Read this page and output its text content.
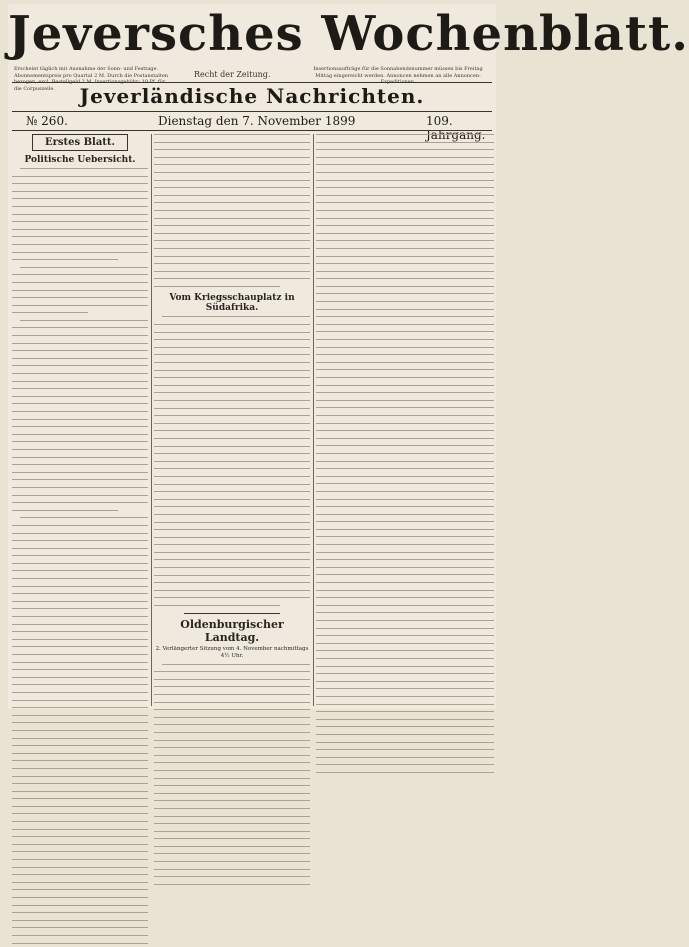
Jeversches Wochenblatt.
Erscheint täglich mit Ausnahme der Sonn- und Festtage. Abonnementspreis pro Quartal 2 M. Durch die Postanstalten bezogen, excl. Bestellgeld 2 M. Insertionsgebühr: 10 Pf. für die Corpuszeile.
Recht der Zeitung.
Insertionsaufträge für die Sonnabendsnummer müssen bis Freitag Mittag eingereicht werden. Annoncen nehmen an alle Annoncen-Expeditionen.
Jeverländische Nachrichten.
№ 260.	Dienstag den 7. November 1899	109. Jahrgang.
Erstes Blatt.
Politische Uebersicht.
Vom Kriegsschauplatz in Südafrika.
Oldenburgischer Landtag.
2. Verlängerter Sitzung vom 4. November nachmittags 4½ Uhr.
